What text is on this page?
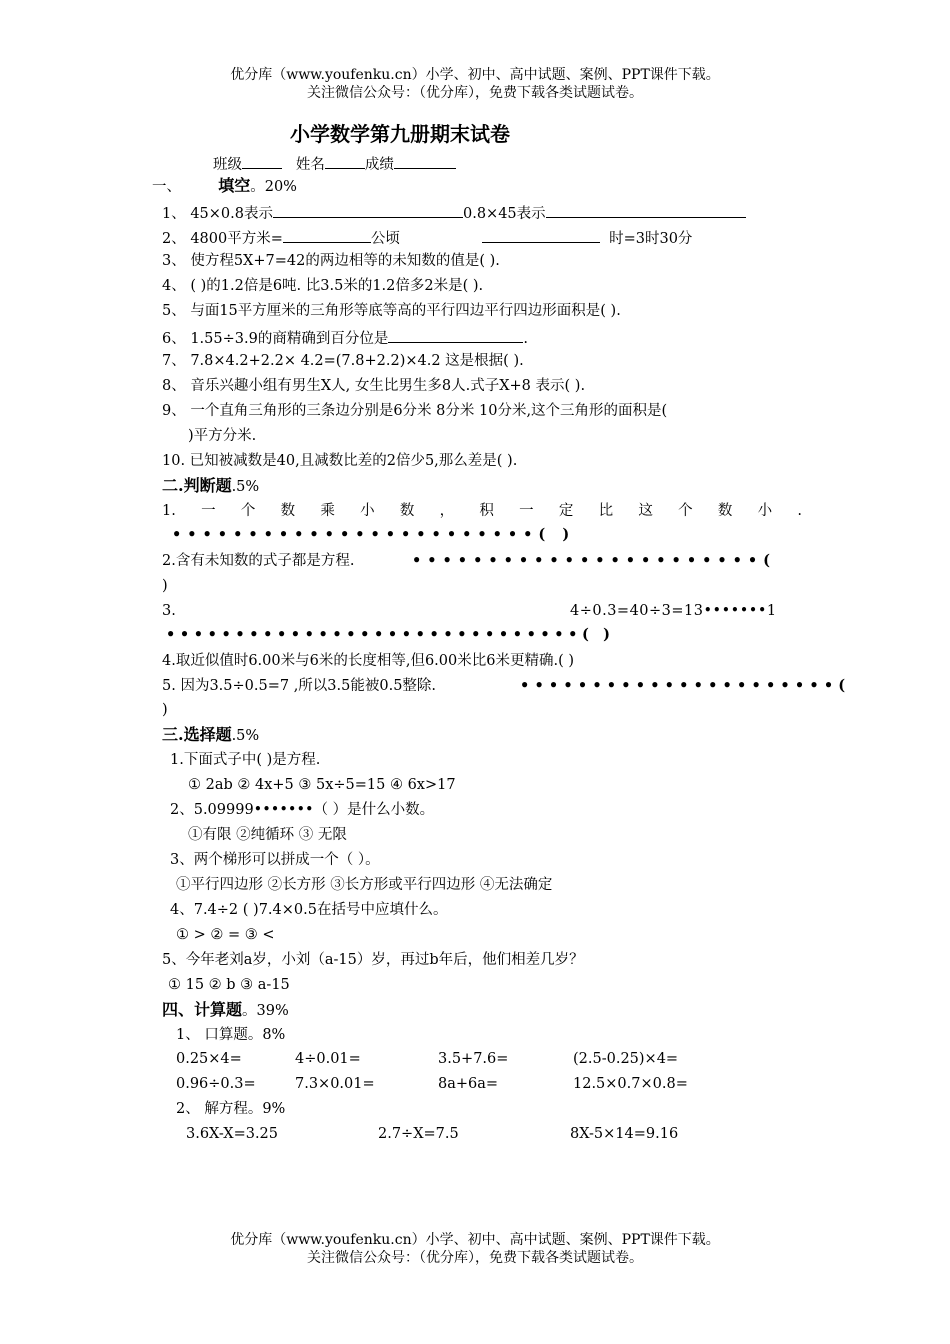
优分库（www.youfenku.cn）小学、初中、高中试题、案例、PPT课件下载。
关注微信公众号：（优分库），免费下载各类试题试卷。
小学数学第九册期末试卷
班级	姓名	成绩
一、 填空。20%
1、 45×0.8表示	0.8×45表示
2、 4800平方米=	公顷	时=3时30分
3、 使方程5X+7=42的两边相等的未知数的值是( ).
4、 ( )的1.2倍是6吨. 比3.5米的1.2倍多2米是( ).
5、 与面15平方厘米的三角形等底等高的平行四边平行四边形面积是( ).
6、 1.55÷3.9的商精确到百分位是	.
7、 7.8×4.2+2.2× 4.2=(7.8+2.2)×4.2 这是根据( ).
8、 音乐兴趣小组有男生X人, 女生比男生多8人.式子X+8 表示( ).
9、 一个直角三角形的三条边分别是6分米 8分米 10分米,这个三角形的面积是(
)平方分米.
10. 已知被减数是40,且减数比差的2倍少5,那么差是( ).
二.判断题.5%
1. 一 个 数 乘 小 数 ， 积 一 定 比 这 个 数 小 .
••••••••••••••••••••••••( )
2.含有未知数的式子都是方程.	•••••••••••••••••••••••(
)
3.	4÷0.3=40÷3=13•••••••1
••••••••••••••••••••••••••••••( )
4.取近似值时6.00米与6米的长度相等,但6.00米比6米更精确.( )
5. 因为3.5÷0.5=7 ,所以3.5能被0.5整除.	••••••••••••••••••••••(
)
三.选择题.5%
1.下面式子中( )是方程.
① 2ab ② 4x+5 ③ 5x÷5=15 ④ 6x>17
2、5.09999•••••••（ ）是什么小数。
①有限 ②纯循环 ③ 无限
3、两个梯形可以拼成一个（ ）。
①平行四边形 ②长方形 ③长方形或平行四边形 ④无法确定
4、7.4÷2 ( )7.4×0.5在括号中应填什么。
① > ② = ③ <
5、今年老刘a岁，小刘（a-15）岁，再过b年后，他们相差几岁？
① 15 ② b ③ a-15
四、计算题。39%
1、 口算题。8%
0.25×4=	4÷0.01=	3.5+7.6=	(2.5-0.25)×4=
0.96÷0.3=	7.3×0.01=	8a+6a=	12.5×0.7×0.8=
2、 解方程。9%
3.6X-X=3.25	2.7÷X=7.5	8X-5×14=9.16
优分库（www.youfenku.cn）小学、初中、高中试题、案例、PPT课件下载。
关注微信公众号：（优分库），免费下载各类试题试卷。
